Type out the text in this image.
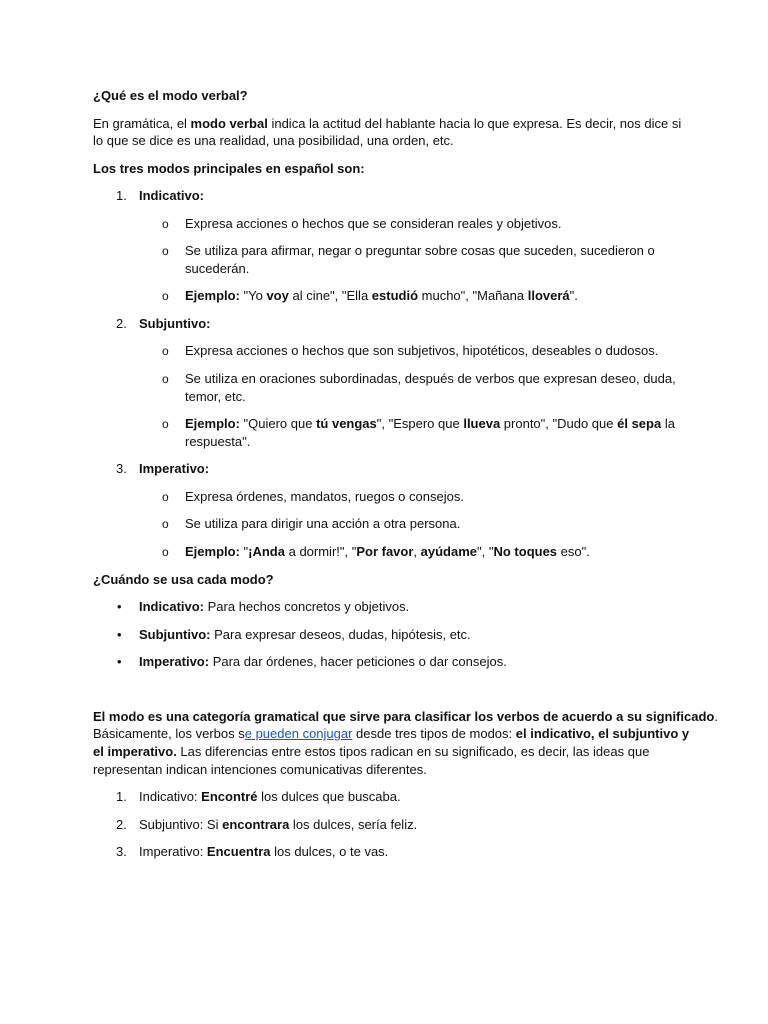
¿Qué es el modo verbal?
En gramática, el modo verbal indica la actitud del hablante hacia lo que expresa. Es decir, nos dice si
lo que se dice es una realidad, una posibilidad, una orden, etc.
Los tres modos principales en español son:
1. Indicativo:
o Expresa acciones o hechos que se consideran reales y objetivos.
o Se utiliza para afirmar, negar o preguntar sobre cosas que suceden, sucedieron o
sucederán.
o Ejemplo: "Yo voy al cine", "Ella estudió mucho", "Mañana lloverá".
2. Subjuntivo:
o Expresa acciones o hechos que son subjetivos, hipotéticos, deseables o dudosos.
o Se utiliza en oraciones subordinadas, después de verbos que expresan deseo, duda,
temor, etc.
o Ejemplo: "Quiero que tú vengas", "Espero que llueva pronto", "Dudo que él sepa la
respuesta".
3. Imperativo:
o Expresa órdenes, mandatos, ruegos o consejos.
o Se utiliza para dirigir una acción a otra persona.
o Ejemplo: "¡Anda a dormir!", "Por favor, ayúdame", "No toques eso".
¿Cuándo se usa cada modo?
• Indicativo: Para hechos concretos y objetivos.
• Subjuntivo: Para expresar deseos, dudas, hipótesis, etc.
• Imperativo: Para dar órdenes, hacer peticiones o dar consejos.
El modo es una categoría gramatical que sirve para clasificar los verbos de acuerdo a su significado.
Básicamente, los verbos se pueden conjugar desde tres tipos de modos: el indicativo, el subjuntivo y
el imperativo. Las diferencias entre estos tipos radican en su significado, es decir, las ideas que
representan indican intenciones comunicativas diferentes.
1. Indicativo: Encontré los dulces que buscaba.
2. Subjuntivo: Si encontrara los dulces, sería feliz.
3. Imperativo: Encuentra los dulces, o te vas.
